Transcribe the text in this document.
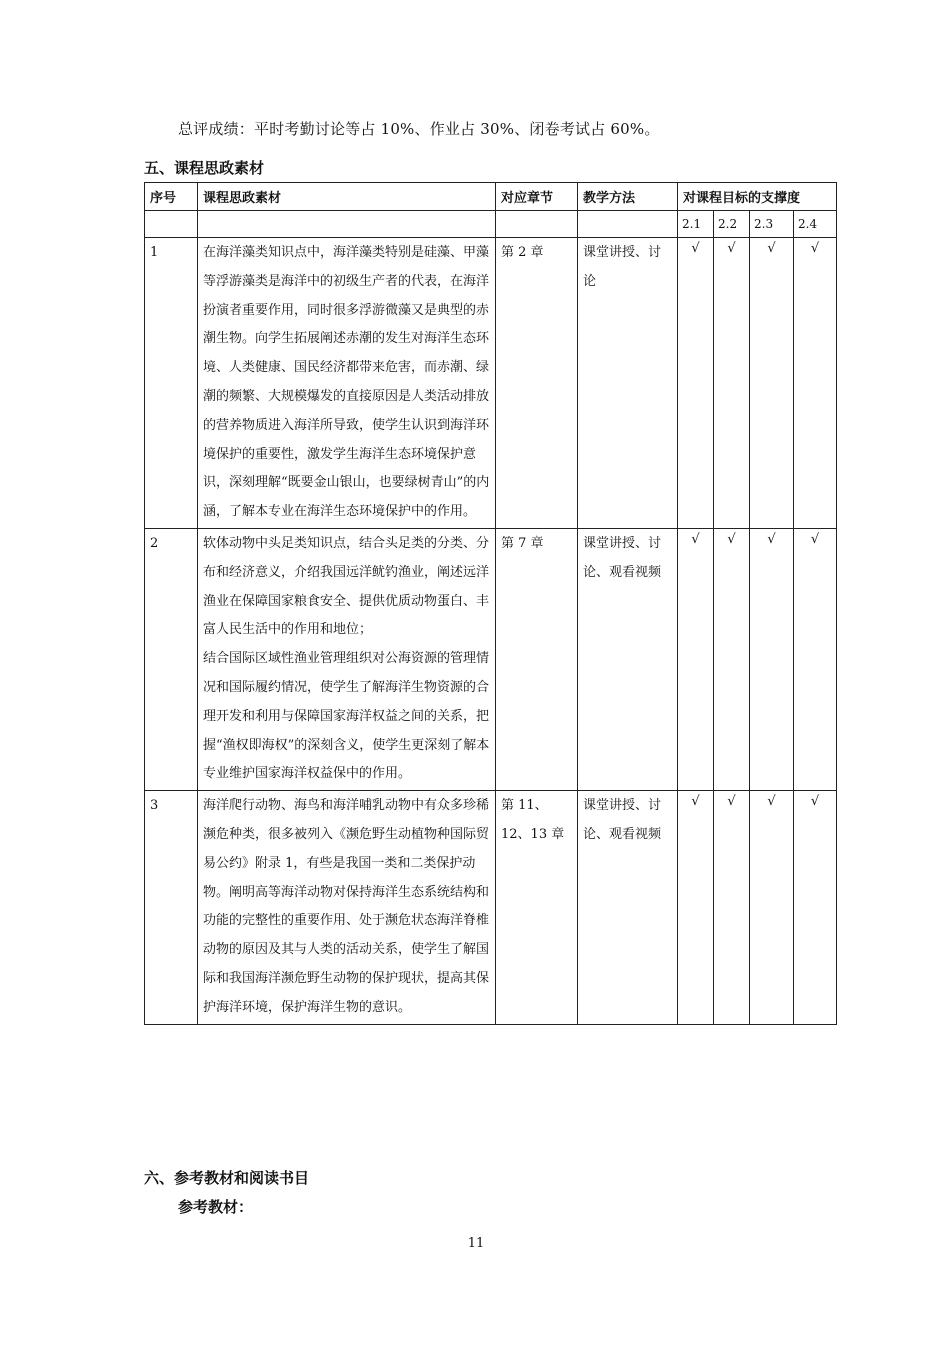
总评成绩：平时考勤讨论等占 10%、作业占 30%、闭卷考试占 60%。
五、课程思政素材
序号	课程思政素材	对应章节	教学方法	对课程目标的支撑度			
				2.1	2.2	2.3	2.4
1	在海洋藻类知识点中，海洋藻类特别是硅藻、甲藻等浮游藻类是海洋中的初级生产者的代表，在海洋扮演者重要作用，同时很多浮游微藻又是典型的赤潮生物。向学生拓展阐述赤潮的发生对海洋生态环境、人类健康、国民经济都带来危害，而赤潮、绿潮的频繁、大规模爆发的直接原因是人类活动排放的营养物质进入海洋所导致，使学生认识到海洋环境保护的重要性，激发学生海洋生态环境保护意识，深刻理解“既要金山银山，也要绿树青山”的内涵，了解本专业在海洋生态环境保护中的作用。	第 2 章	课堂讲授、讨论	√	√	√	√
2	软体动物中头足类知识点，结合头足类的分类、分布和经济意义，介绍我国远洋鱿钓渔业，阐述远洋渔业在保障国家粮食安全、提供优质动物蛋白、丰富人民生活中的作用和地位；
结合国际区域性渔业管理组织对公海资源的管理情况和国际履约情况，使学生了解海洋生物资源的合理开发和利用与保障国家海洋权益之间的关系，把握“渔权即海权”的深刻含义，使学生更深刻了解本专业维护国家海洋权益保中的作用。	第 7 章	课堂讲授、讨论、观看视频	√	√	√	√
3	海洋爬行动物、海鸟和海洋哺乳动物中有众多珍稀濒危种类，很多被列入《濒危野生动植物种国际贸易公约》附录 1，有些是我国一类和二类保护动物。阐明高等海洋动物对保持海洋生态系统结构和功能的完整性的重要作用、处于濒危状态海洋脊椎动物的原因及其与人类的活动关系，使学生了解国际和我国海洋濒危野生动物的保护现状，提高其保护海洋环境，保护海洋生物的意识。	第 11、12、13 章	课堂讲授、讨论、观看视频	√	√	√	√
六、参考教材和阅读书目
参考教材：
11
